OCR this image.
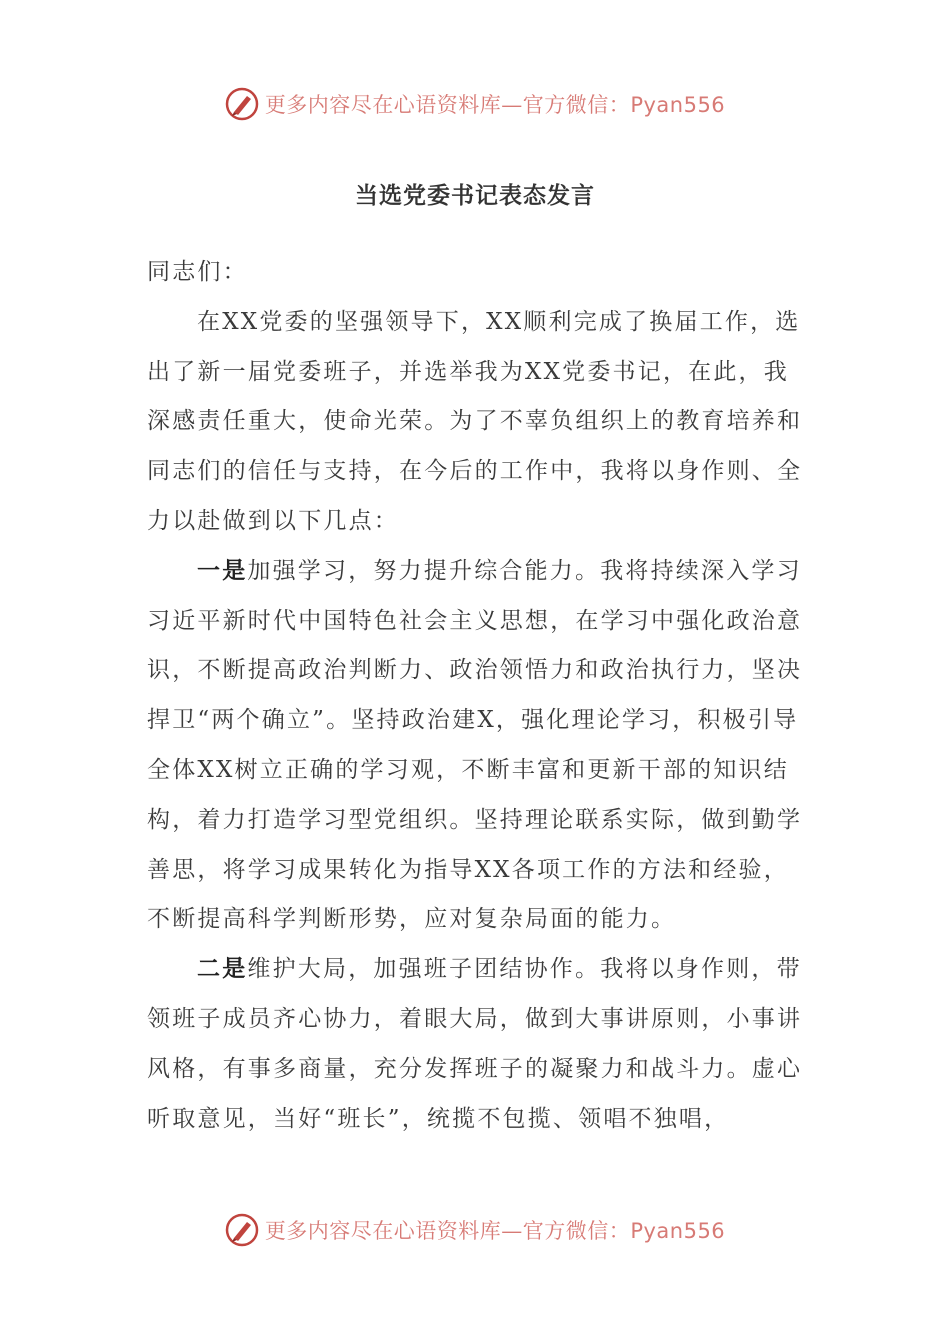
更多内容尽在心语资料库—官方微信：Pyan556
当选党委书记表态发言

同志们：

在XX党委的坚强领导下，XX顺利完成了换届工作，选出了新一届党委班子，并选举我为XX党委书记，在此，我深感责任重大，使命光荣。为了不辜负组织上的教育培养和同志们的信任与支持，在今后的工作中，我将以身作则、全力以赴做到以下几点：

一是加强学习，努力提升综合能力。我将持续深入学习习近平新时代中国特色社会主义思想，在学习中强化政治意识，不断提高政治判断力、政治领悟力和政治执行力，坚决捍卫“两个确立”。坚持政治建X，强化理论学习，积极引导全体XX树立正确的学习观，不断丰富和更新干部的知识结构，着力打造学习型党组织。坚持理论联系实际，做到勤学善思，将学习成果转化为指导XX各项工作的方法和经验，不断提高科学判断形势，应对复杂局面的能力。

二是维护大局，加强班子团结协作。我将以身作则，带领班子成员齐心协力，着眼大局，做到大事讲原则，小事讲风格，有事多商量，充分发挥班子的凝聚力和战斗力。虚心听取意见，当好“班长”，统揽不包揽、领唱不独唱，

更多内容尽在心语资料库—官方微信：Pyan556
